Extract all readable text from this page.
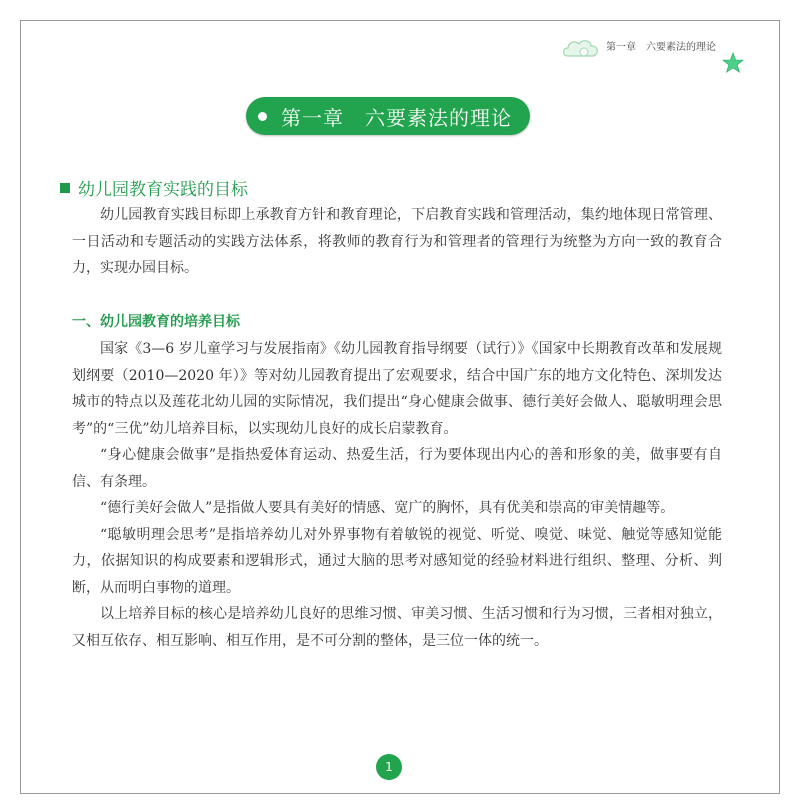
第一章　六要素法的理论
第一章　六要素法的理论
幼儿园教育实践的目标

幼儿园教育实践目标即上承教育方针和教育理论，下启教育实践和管理活动，集约地体现日常管理、一日活动和专题活动的实践方法体系，将教师的教育行为和管理者的管理行为统整为方向一致的教育合力，实现办园目标。

一、幼儿园教育的培养目标

国家《3—6 岁儿童学习与发展指南》《幼儿园教育指导纲要（试行）》《国家中长期教育改革和发展规划纲要（2010—2020 年）》等对幼儿园教育提出了宏观要求，结合中国广东的地方文化特色、深圳发达城市的特点以及莲花北幼儿园的实际情况，我们提出“身心健康会做事、德行美好会做人、聪敏明理会思考”的“三优”幼儿培养目标，以实现幼儿良好的成长启蒙教育。

“身心健康会做事”是指热爱体育运动、热爱生活，行为要体现出内心的善和形象的美，做事要有自信、有条理。

“德行美好会做人”是指做人要具有美好的情感、宽广的胸怀，具有优美和崇高的审美情趣等。

“聪敏明理会思考”是指培养幼儿对外界事物有着敏锐的视觉、听觉、嗅觉、味觉、触觉等感知觉能力，依据知识的构成要素和逻辑形式，通过大脑的思考对感知觉的经验材料进行组织、整理、分析、判断，从而明白事物的道理。

以上培养目标的核心是培养幼儿良好的思维习惯、审美习惯、生活习惯和行为习惯，三者相对独立，又相互依存、相互影响、相互作用，是不可分割的整体，是三位一体的统一。

1
